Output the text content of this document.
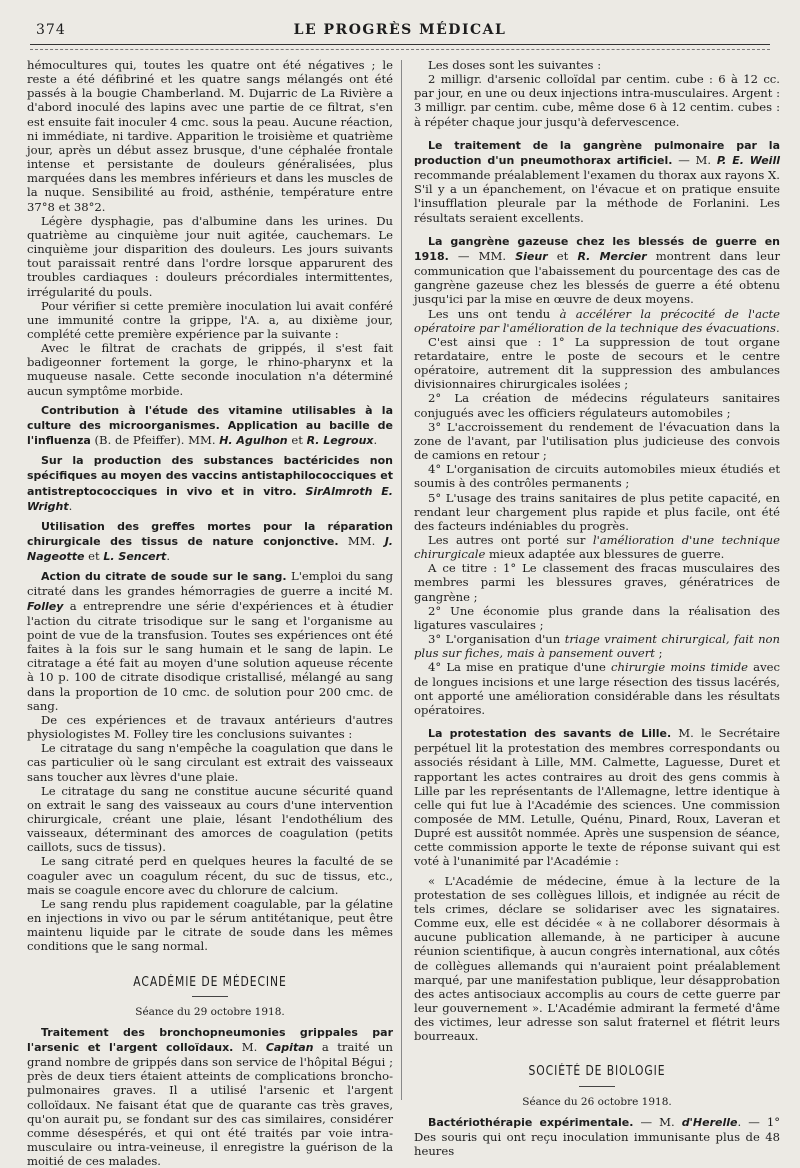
374	LE PROGRÈS MÉDICAL

hémocultures qui, toutes les quatre ont été négatives ; le reste a été défibriné et les quatre sangs mélangés ont été passés à la bougie Chamberland. M. Dujarric de La Rivière a d'abord inoculé des lapins avec une partie de ce filtrat, s'en est ensuite fait inoculer 4 cmc. sous la peau. Aucune réaction, ni immédiate, ni tardive. Apparition le troisième et quatrième jour, après un début assez brusque, d'une céphalée frontale intense et persistante de douleurs généralisées, plus marquées dans les membres inférieurs et dans les muscles de la nuque. Sensibilité au froid, asthénie, température entre 37°8 et 38°2.

Légère dysphagie, pas d'albumine dans les urines. Du quatrième au cinquième jour nuit agitée, cauchemars. Le cinquième jour disparition des douleurs. Les jours suivants tout paraissait rentré dans l'ordre lorsque apparurent des troubles cardiaques : douleurs précordiales intermittentes, irrégularité du pouls.

Pour vérifier si cette première inoculation lui avait conféré une immunité contre la grippe, l'A. a, au dixième jour, complété cette première expérience par la suivante :

Avec le filtrat de crachats de grippés, il s'est fait badigeonner fortement la gorge, le rhino-pharynx et la muqueuse nasale. Cette seconde inoculation n'a déterminé aucun symptôme morbide.

Contribution à l'étude des vitamine utilisables à la culture des microorganismes. Application au bacille de l'influenza (B. de Pfeiffer). MM. H. Agulhon et R. Legroux.

Sur la production des substances bactéricides non spécifiques au moyen des vaccins antistaphilococciques et antistreptococciques in vivo et in vitro. SirAlmroth E. Wright.

Utilisation des greffes mortes pour la réparation chirurgicale des tissus de nature conjonctive. MM. J. Nageotte et L. Sencert.

Action du citrate de soude sur le sang. L'emploi du sang citraté dans les grandes hémorragies de guerre a incité M. Folley a entreprendre une série d'expériences et à étudier l'action du citrate trisodique sur le sang et l'organisme au point de vue de la transfusion. Toutes ses expériences ont été faites à la fois sur le sang humain et le sang de lapin. Le citratage a été fait au moyen d'une solution aqueuse récente à 10 p. 100 de citrate disodique cristallisé, mélangé au sang dans la proportion de 10 cmc. de solution pour 200 cmc. de sang.

De ces expériences et de travaux antérieurs d'autres physiologistes M. Folley tire les conclusions suivantes :

Le citratage du sang n'empêche la coagulation que dans le cas particulier où le sang circulant est extrait des vaisseaux sans toucher aux lèvres d'une plaie.

Le citratage du sang ne constitue aucune sécurité quand on extrait le sang des vaisseaux au cours d'une intervention chirurgicale, créant une plaie, lésant l'endothélium des vaisseaux, déterminant des amorces de coagulation (petits caillots, sucs de tissus).

Le sang citraté perd en quelques heures la faculté de se coaguler avec un coagulum récent, du suc de tissus, etc., mais se coagule encore avec du chlorure de calcium.

Le sang rendu plus rapidement coagulable, par la gélatine en injections in vivo ou par le sérum antitétanique, peut être maintenu liquide par le citrate de soude dans les mêmes conditions que le sang normal.

ACADÉMIE DE MÉDECINE
Séance du 29 octobre 1918.

Traitement des bronchopneumonies grippales par l'arsenic et l'argent colloïdaux. M. Capitan a traité un grand nombre de grippés dans son service de l'hôpital Bégui ; près de deux tiers étaient atteints de complications broncho-pulmonaires graves. Il a utilisé l'arsenic et l'argent colloïdaux. Ne faisant état que de quarante cas très graves, qu'on aurait pu, se fondant sur des cas similaires, considérer comme désespérés, et qui ont été traités par voie intra-musculaire ou intra-veineuse, il enregistre la guérison de la moitié de ces malades.

Les doses sont les suivantes :

2 milligr. d'arsenic colloïdal par centim. cube : 6 à 12 cc. par jour, en une ou deux injections intra-musculaires. Argent : 3 milligr. par centim. cube, même dose 6 à 12 centim. cubes : à répéter chaque jour jusqu'à defervescence.

Le traitement de la gangrène pulmonaire par la production d'un pneumothorax artificiel. — M. P. E. Weill recommande préalablement l'examen du thorax aux rayons X. S'il y a un épanchement, on l'évacue et on pratique ensuite l'insufflation pleurale par la méthode de Forlanini. Les résultats seraient excellents.

La gangrène gazeuse chez les blessés de guerre en 1918. — MM. Sieur et R. Mercier montrent dans leur communication que l'abaissement du pourcentage des cas de gangrène gazeuse chez les blessés de guerre a été obtenu jusqu'ici par la mise en œuvre de deux moyens.

Les uns ont tendu à accélérer la précocité de l'acte opératoire par l'amélioration de la technique des évacuations.

C'est ainsi que : 1° La suppression de tout organe retardataire, entre le poste de secours et le centre opératoire, autrement dit la suppression des ambulances divisionnaires chirurgicales isolées ;

2° La création de médecins régulateurs sanitaires conjugués avec les officiers régulateurs automobiles ;

3° L'accroissement du rendement de l'évacuation dans la zone de l'avant, par l'utilisation plus judicieuse des convois de camions en retour ;

4° L'organisation de circuits automobiles mieux étudiés et soumis à des contrôles permanents ;

5° L'usage des trains sanitaires de plus petite capacité, en rendant leur chargement plus rapide et plus facile, ont été des facteurs indéniables du progrès.

Les autres ont porté sur l'amélioration d'une technique chirurgicale mieux adaptée aux blessures de guerre.

A ce titre : 1° Le classement des fracas musculaires des membres parmi les blessures graves, génératrices de gangrène ;

2° Une économie plus grande dans la réalisation des ligatures vasculaires ;

3° L'organisation d'un triage vraiment chirurgical, fait non plus sur fiches, mais à pansement ouvert ;

4° La mise en pratique d'une chirurgie moins timide avec de longues incisions et une large résection des tissus lacérés, ont apporté une amélioration considérable dans les résultats opératoires.

La protestation des savants de Lille. M. le Secrétaire perpétuel lit la protestation des membres correspondants ou associés résidant à Lille, MM. Calmette, Laguesse, Duret et rapportant les actes contraires au droit des gens commis à Lille par les représentants de l'Allemagne, lettre identique à celle qui fut lue à l'Académie des sciences. Une commission composée de MM. Letulle, Quénu, Pinard, Roux, Laveran et Dupré est aussitôt nommée. Après une suspension de séance, cette commission apporte le texte de réponse suivant qui est voté à l'unanimité par l'Académie :

« L'Académie de médecine, émue à la lecture de la protestation de ses collègues lillois, et indignée au récit de tels crimes, déclare se solidariser avec les signataires. Comme eux, elle est décidée « à ne collaborer désormais à aucune publication allemande, à ne participer à aucune réunion scientifique, à aucun congrès international, aux côtés de collègues allemands qui n'auraient point préalablement marqué, par une manifestation publique, leur désapprobation des actes antisociaux accomplis au cours de cette guerre par leur gouvernement ». L'Académie admirant la fermeté d'âme des victimes, leur adresse son salut fraternel et flétrit leurs bourreaux.

SOCIÉTÉ DE BIOLOGIE
Séance du 26 octobre 1918.

Bactériothérapie expérimentale. — M. d'Herelle. — 1° Des souris qui ont reçu inoculation immunisante plus de 48 heures
